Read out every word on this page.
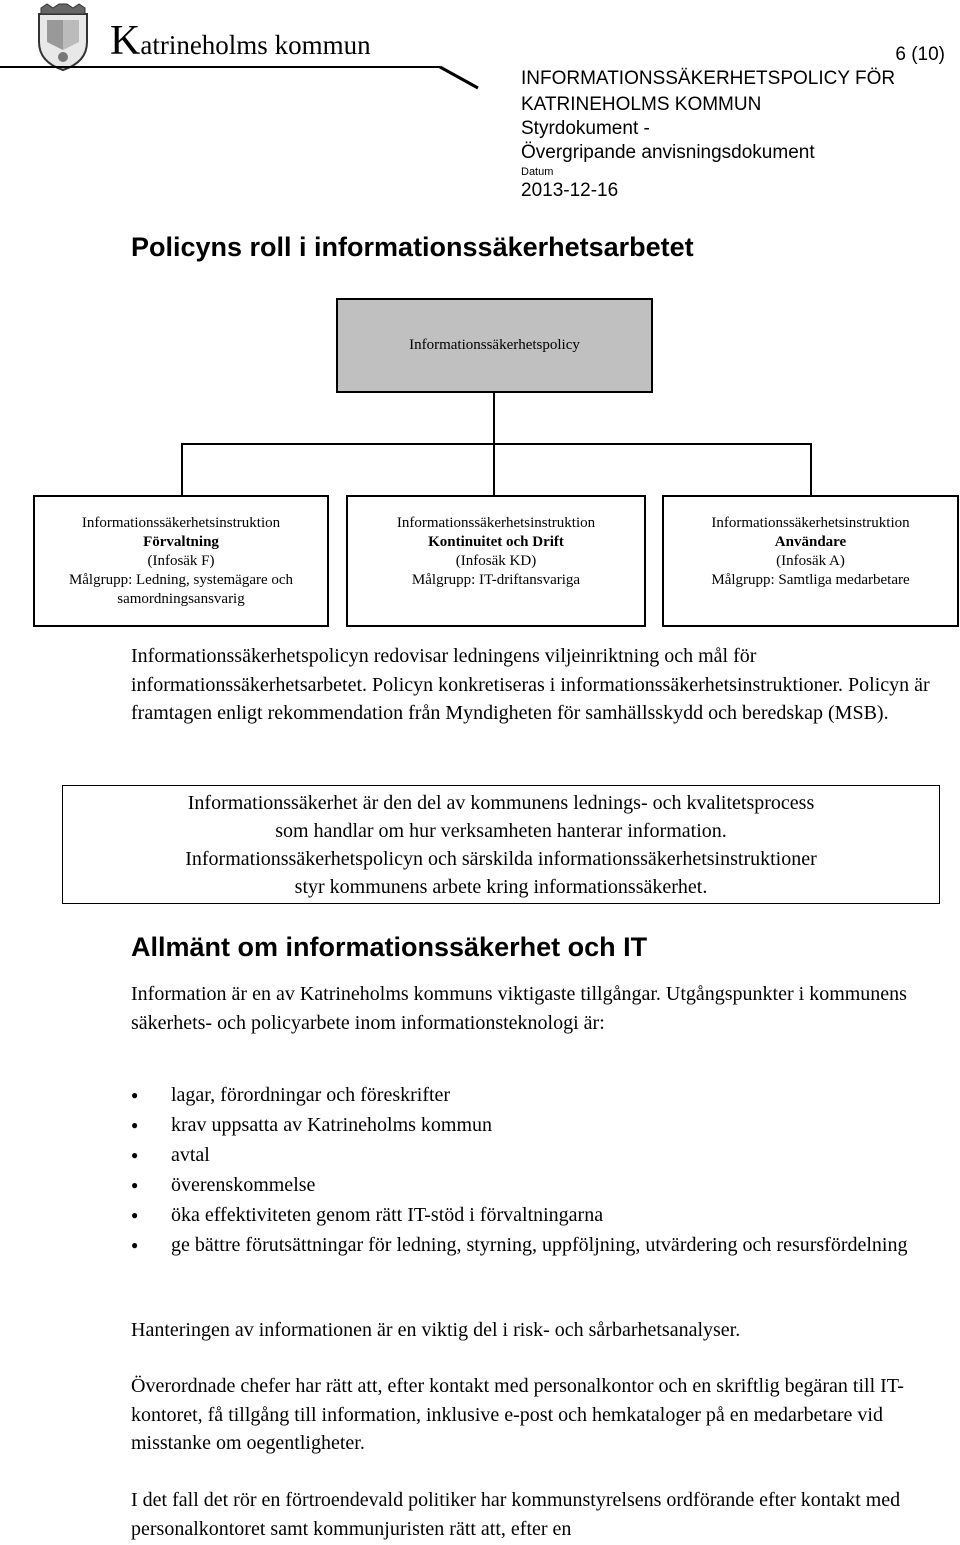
Katrineholms kommun	6 (10)
INFORMATIONSSÄKERHETSPOLICY FÖR
KATRINEHOLMS KOMMUN
Styrdokument -
Övergripande anvisningsdokument
Datum
2013-12-16
Policyns roll i informationssäkerhetsarbetet
Informationssäkerhetspolicy
Informationssäkerhetsinstruktion
Förvaltning
(Infosäk F)
Målgrupp: Ledning, systemägare och
samordningsansvarig
Informationssäkerhetsinstruktion
Kontinuitet och Drift
(Infosäk KD)
Målgrupp: IT-driftansvariga
Informationssäkerhetsinstruktion
Användare
(Infosäk A)
Målgrupp: Samtliga medarbetare

Informationssäkerhetspolicyn redovisar ledningens viljeinriktning och mål för informationssäkerhetsarbetet. Policyn konkretiseras i informationssäkerhetsinstruktioner. Policyn är framtagen enligt rekommendation från Myndigheten för samhällsskydd och beredskap (MSB).

Informationssäkerhet är den del av kommunens lednings- och kvalitetsprocess
som handlar om hur verksamheten hanterar information.
Informationssäkerhetspolicyn och särskilda informationssäkerhetsinstruktioner
styr kommunens arbete kring informationssäkerhet.
Allmänt om informationssäkerhet och IT

Information är en av Katrineholms kommuns viktigaste tillgångar. Utgångspunkter i kommunens säkerhets- och policyarbete inom informationsteknologi är:

● lagar, förordningar och föreskrifter
● krav uppsatta av Katrineholms kommun
● avtal
● överenskommelse
● öka effektiviteten genom rätt IT-stöd i förvaltningarna
● ge bättre förutsättningar för ledning, styrning, uppföljning, utvärdering och resursfördelning

Hanteringen av informationen är en viktig del i risk- och sårbarhetsanalyser.

Överordnade chefer har rätt att, efter kontakt med personalkontor och en skriftlig begäran till IT-kontoret, få tillgång till information, inklusive e-post och hemkataloger på en medarbetare vid misstanke om oegentligheter.

I det fall det rör en förtroendevald politiker har kommunstyrelsens ordförande efter kontakt med personalkontoret samt kommunjuristen rätt att, efter en
